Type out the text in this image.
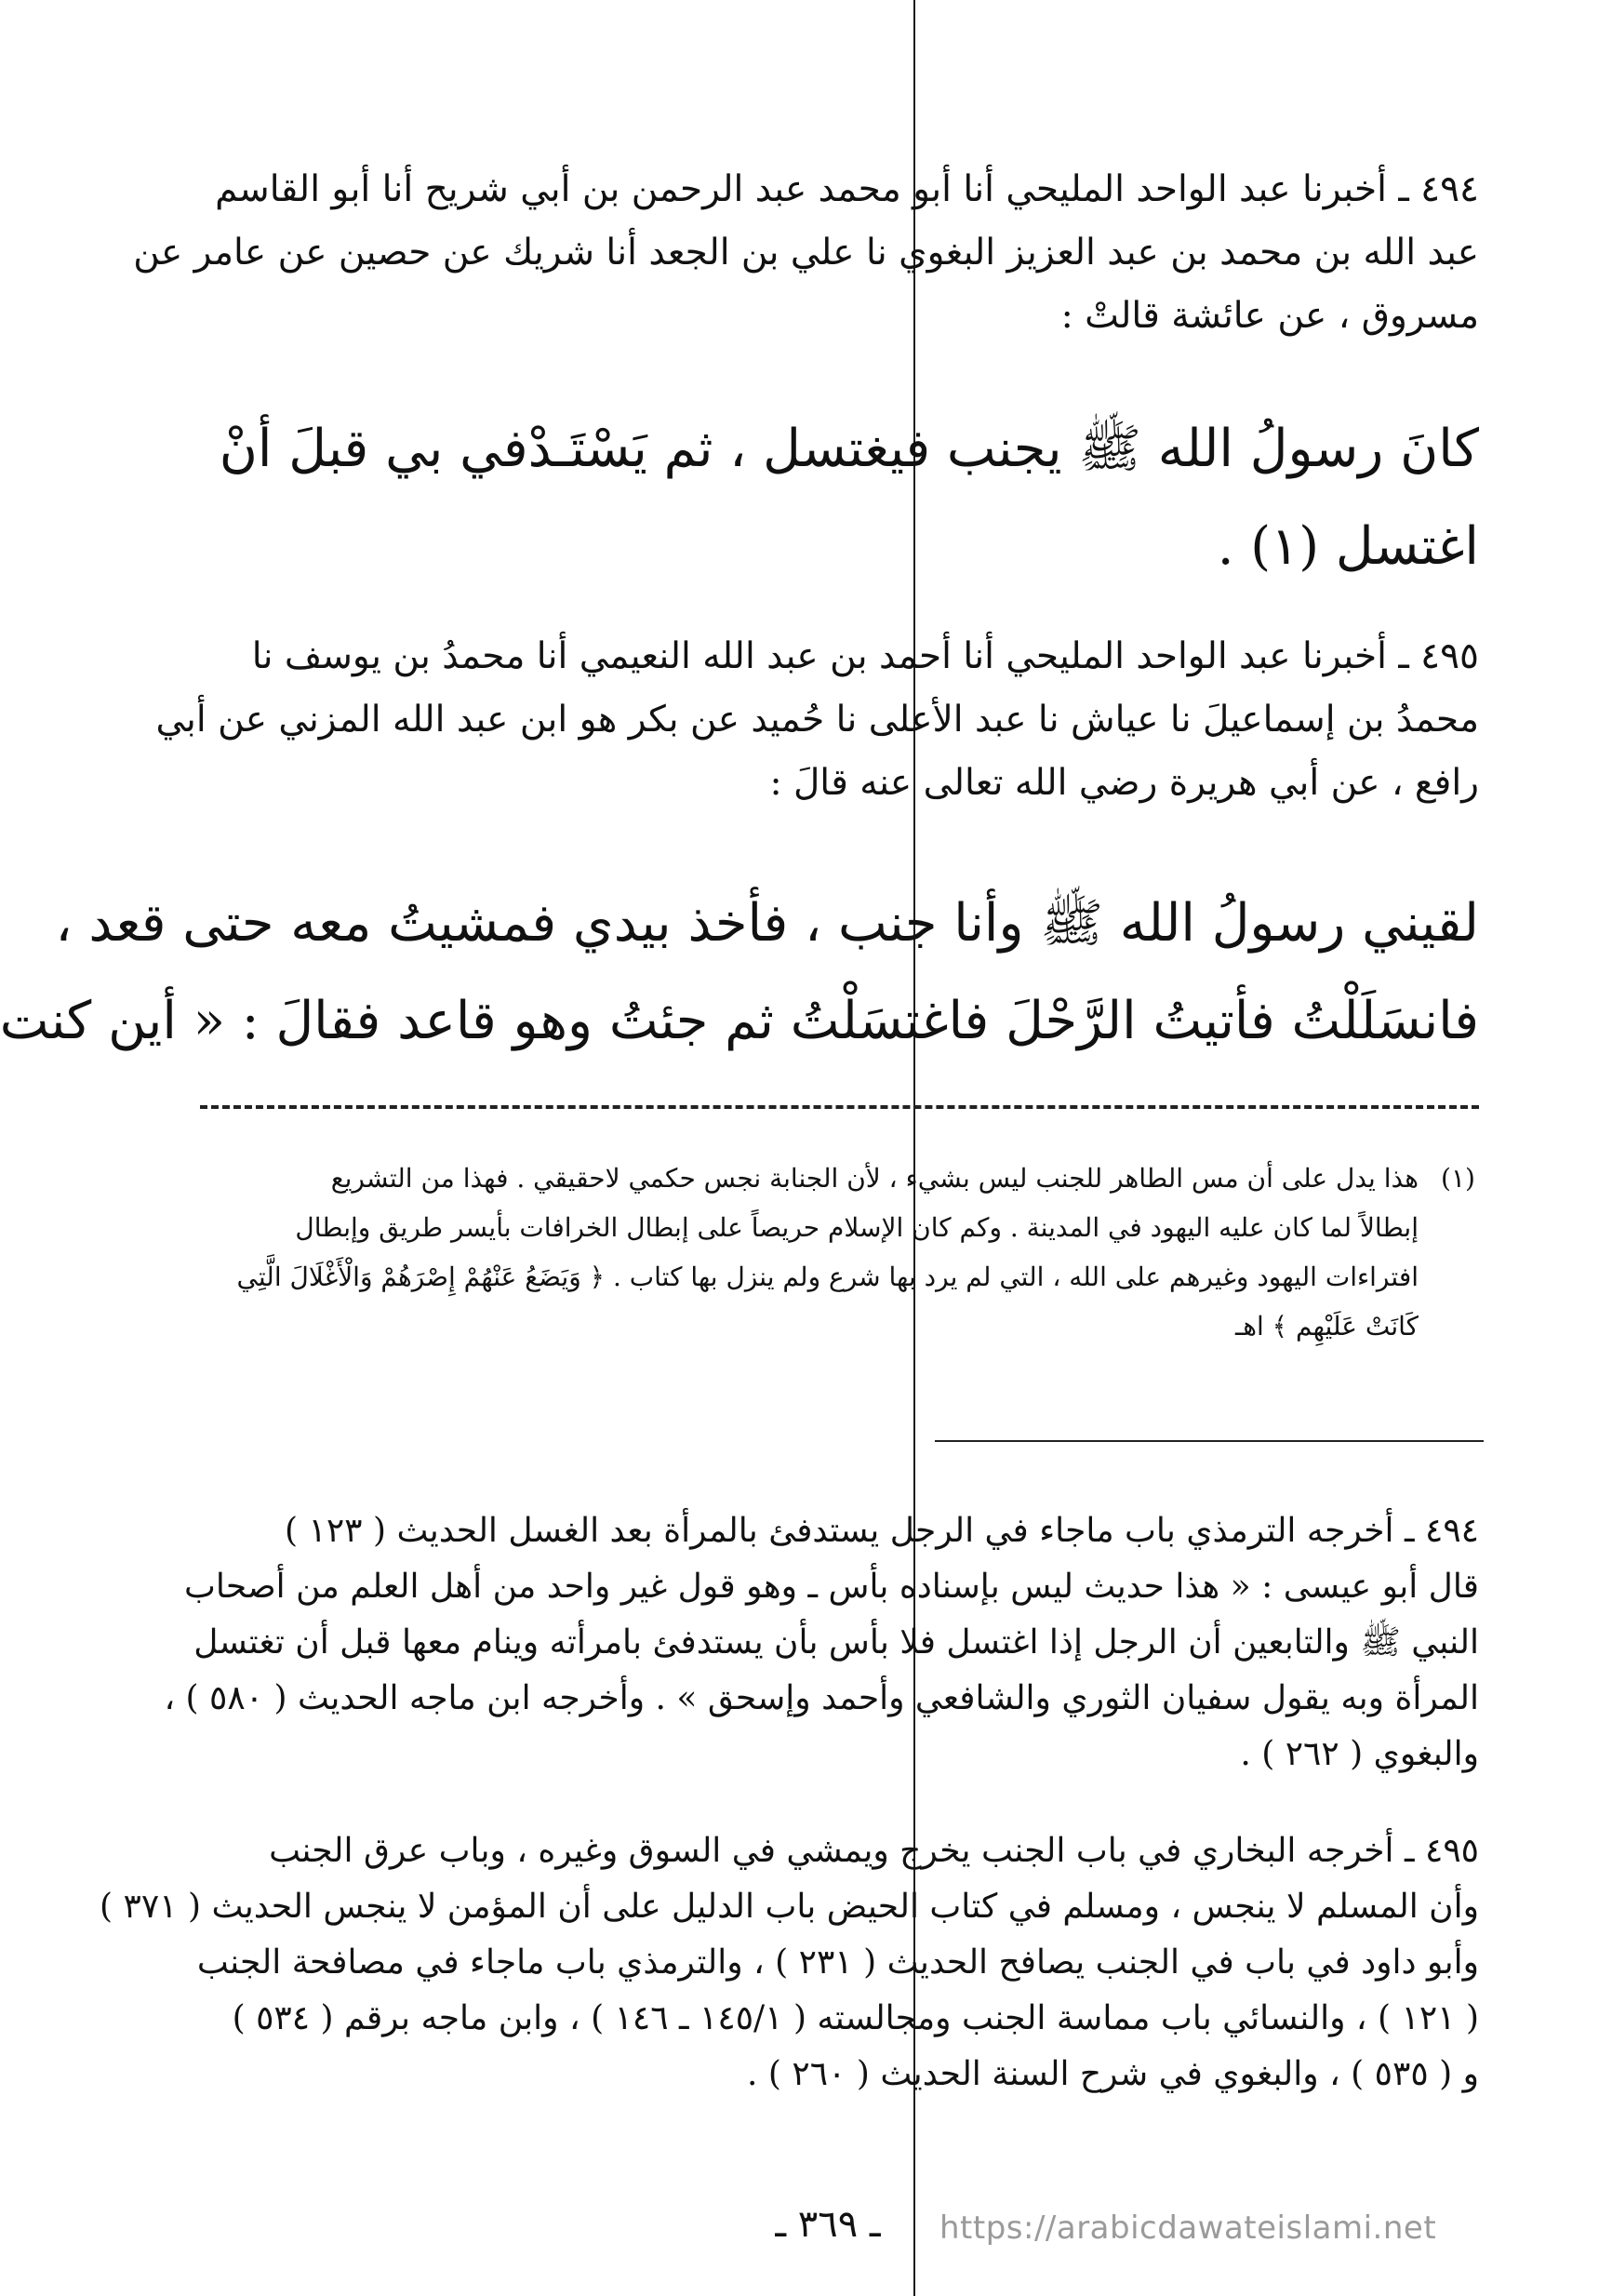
٤٩٤ ـ أخبرنا عبد الواحد المليحي أنا أبو محمد عبد الرحمن بن أبي شريح أنا أبو القاسم
عبد الله بن محمد بن عبد العزيز البغوي نا علي بن الجعد أنا شريك عن حصين عن عامر عن
مسروق ، عن عائشة قالتْ :
كانَ رسولُ الله ﷺ يجنب فيغتسل ، ثم يَسْتَـدْفي بي قبلَ أنْ
اغتسل (١) .
٤٩٥ ـ أخبرنا عبد الواحد المليحي أنا أحمد بن عبد الله النعيمي أنا محمدُ بن يوسف نا
محمدُ بن إسماعيلَ نا عياش نا عبد الأعلى نا حُميد عن بكر هو ابن عبد الله المزني عن أبي
رافع ، عن أبي هريرة رضي الله تعالى عنه قالَ :
لقيني رسولُ الله ﷺ وأنا جنب ، فأخذ بيدي فمشيتُ معه حتى قعد ،
فانسَلَلْتُ فأتيتُ الرَّحْلَ فاغتسَلْتُ ثم جئتُ وهو قاعد فقالَ : « أين كنت
هذا يدل على أن مس الطاهر للجنب ليس بشيء ، لأن الجنابة نجس حكمي لاحقيقي . فهذا من التشريع
إبطالاً لما كان عليه اليهود في المدينة . وكم كان الإسلام حريصاً على إبطال الخرافات بأيسر طريق وإبطال
افتراءات اليهود وغيرهم على الله ، التي لم يرد بها شرع ولم ينزل بها كتاب . ﴿ وَيَضَعُ عَنْهُمْ إِصْرَهُمْ وَالْأَغْلَالَ الَّتِي
كَانَتْ عَلَيْهِم ﴾ اهـ
(١)
٤٩٤ ـ أخرجه الترمذي باب ماجاء في الرجل يستدفئ بالمرأة بعد الغسل الحديث ( ١٢٣ )
قال أبو عيسى : « هذا حديث ليس بإسناده بأس ـ وهو قول غير واحد من أهل العلم من أصحاب
النبي ﷺ والتابعين أن الرجل إذا اغتسل فلا بأس بأن يستدفئ بامرأته وينام معها قبل أن تغتسل
المرأة وبه يقول سفيان الثوري والشافعي وأحمد وإسحق » . وأخرجه ابن ماجه الحديث ( ٥٨٠ ) ،
والبغوي ( ٢٦٢ ) .
٤٩٥ ـ أخرجه البخاري في باب الجنب يخرج ويمشي في السوق وغيره ، وباب عرق الجنب
وأن المسلم لا ينجس ، ومسلم في كتاب الحيض باب الدليل على أن المؤمن لا ينجس الحديث ( ٣٧١ )
وأبو داود في باب في الجنب يصافح الحديث ( ٢٣١ ) ، والترمذي باب ماجاء في مصافحة الجنب
( ١٢١ ) ، والنسائي باب مماسة الجنب ومجالسته ( ١٤٥/١ ـ ١٤٦ ) ، وابن ماجه برقم ( ٥٣٤ )
و ( ٥٣٥ ) ، والبغوي في شرح السنة الحديث ( ٢٦٠ ) .
ـ ٣٦٩ ـ	https://arabicdawateislami.net
